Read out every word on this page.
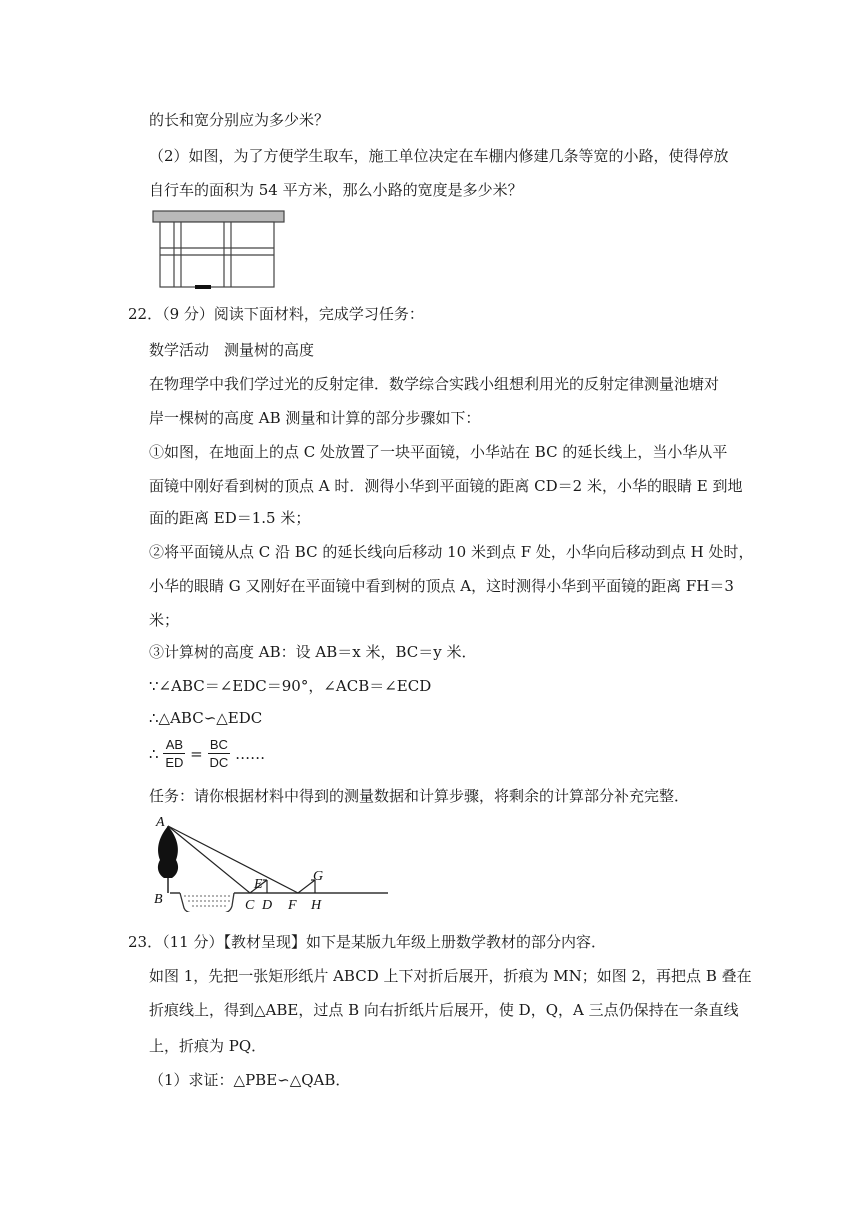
的长和宽分别应为多少米？
（2）如图，为了方便学生取车，施工单位决定在车棚内修建几条等宽的小路，使得停放
自行车的面积为 54 平方米，那么小路的宽度是多少米？
22．（9 分）阅读下面材料，完成学习任务：
数学活动　测量树的高度
在物理学中我们学过光的反射定律．数学综合实践小组想利用光的反射定律测量池塘对
岸一棵树的高度 AB 测量和计算的部分步骤如下：
①如图，在地面上的点 C 处放置了一块平面镜，小华站在 BC 的延长线上，当小华从平
面镜中刚好看到树的顶点 A 时．测得小华到平面镜的距离 CD＝2 米，小华的眼睛 E 到地
面的距离 ED＝1.5 米；
②将平面镜从点 C 沿 BC 的延长线向后移动 10 米到点 F 处，小华向后移动到点 H 处时，
小华的眼睛 G 又刚好在平面镜中看到树的顶点 A，这时测得小华到平面镜的距离 FH＝3
米；
③计算树的高度 AB：设 AB＝x 米，BC＝y 米．
∵∠ABC＝∠EDC＝90°，∠ACB＝∠ECD
∴△ABC∽△EDC
∴ $\frac{AB}{ED} = \frac{BC}{DC}$ ……
任务：请你根据材料中得到的测量数据和计算步骤，将剩余的计算部分补充完整．
A
B	C D
E
F
G
H
23．（11 分）【教材呈现】如下是某版九年级上册数学教材的部分内容．
如图 1，先把一张矩形纸片 ABCD 上下对折后展开，折痕为 MN；如图 2，再把点 B 叠在
折痕线上，得到△ABE，过点 B 向右折纸片后展开，使 D，Q，A 三点仍保持在一条直线
上，折痕为 PQ．
（1）求证：△PBE∽△QAB．
